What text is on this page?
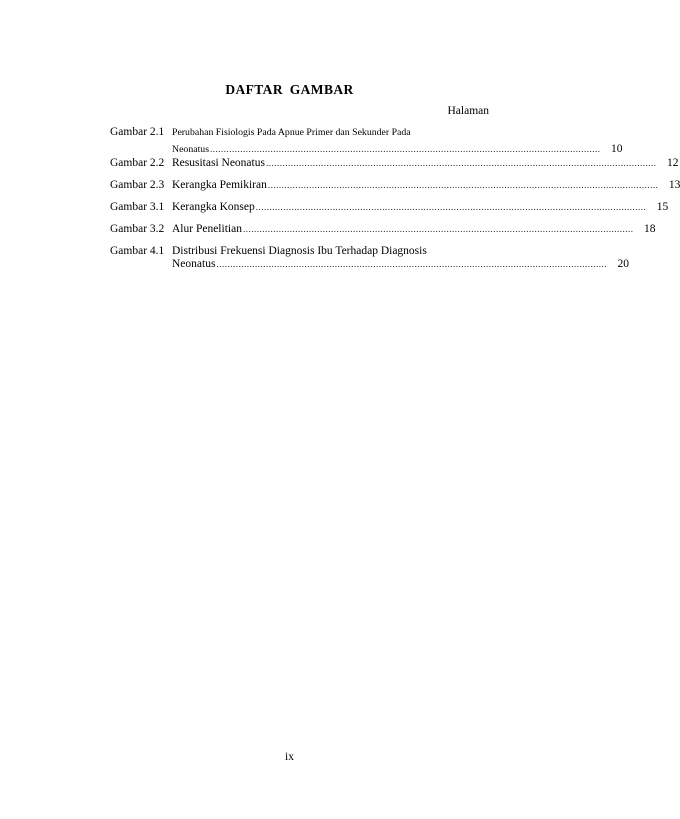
DAFTAR GAMBAR
Halaman
Gambar 2.1 Perubahan Fisiologis Pada Apnue Primer dan Sekunder Pada
Neonatus .............................................................................................................................................. 10
Gambar 2.2 Resusitasi Neonatus .............................................................................................................................................. 12
Gambar 2.3 Kerangka Pemikiran .............................................................................................................................................. 13
Gambar 3.1 Kerangka Konsep .............................................................................................................................................. 15
Gambar 3.2 Alur Penelitian .............................................................................................................................................. 18
Gambar 4.1 Distribusi Frekuensi Diagnosis Ibu Terhadap Diagnosis
Neonatus .............................................................................................................................................. 20
ix
